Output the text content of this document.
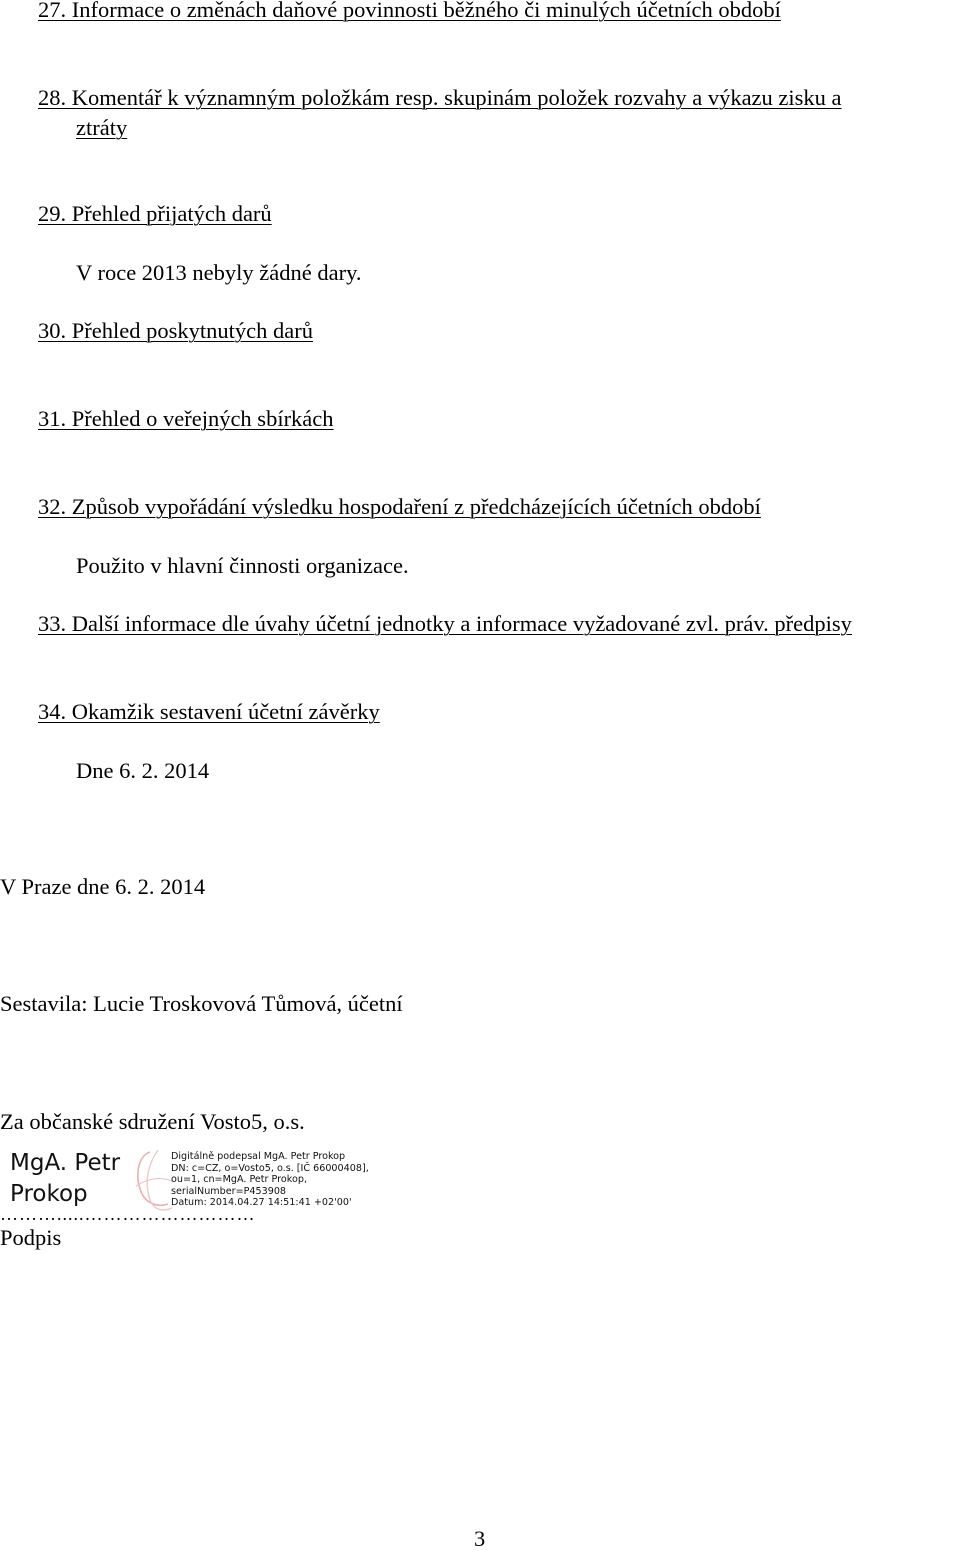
27. Informace o změnách daňové povinnosti běžného či minulých účetních období
28. Komentář k významným položkám resp. skupinám položek rozvahy a výkazu zisku a
ztráty
29. Přehled přijatých darů
V roce 2013 nebyly žádné dary.
30. Přehled poskytnutých darů
31. Přehled o veřejných sbírkách
32. Způsob vypořádání výsledku hospodaření z předcházejících účetních období
Použito v hlavní činnosti organizace.
33. Další informace dle úvahy účetní jednotky a informace vyžadované zvl. práv. předpisy
34. Okamžik sestavení účetní závěrky
Dne 6. 2. 2014
V Praze dne 6. 2. 2014
Sestavila: Lucie Troskovová Tůmová, účetní
Za občanské sdružení Vosto5, o.s.
MgA. Petr
Prokop
Digitálně podepsal MgA. Petr Prokop
DN: c=CZ, o=Vosto5, o.s. [IČ 66000408],
ou=1, cn=MgA. Petr Prokop,
serialNumber=P453908
Datum: 2014.04.27 14:51:41 +02'00'
……….....………………………
Podpis
3
